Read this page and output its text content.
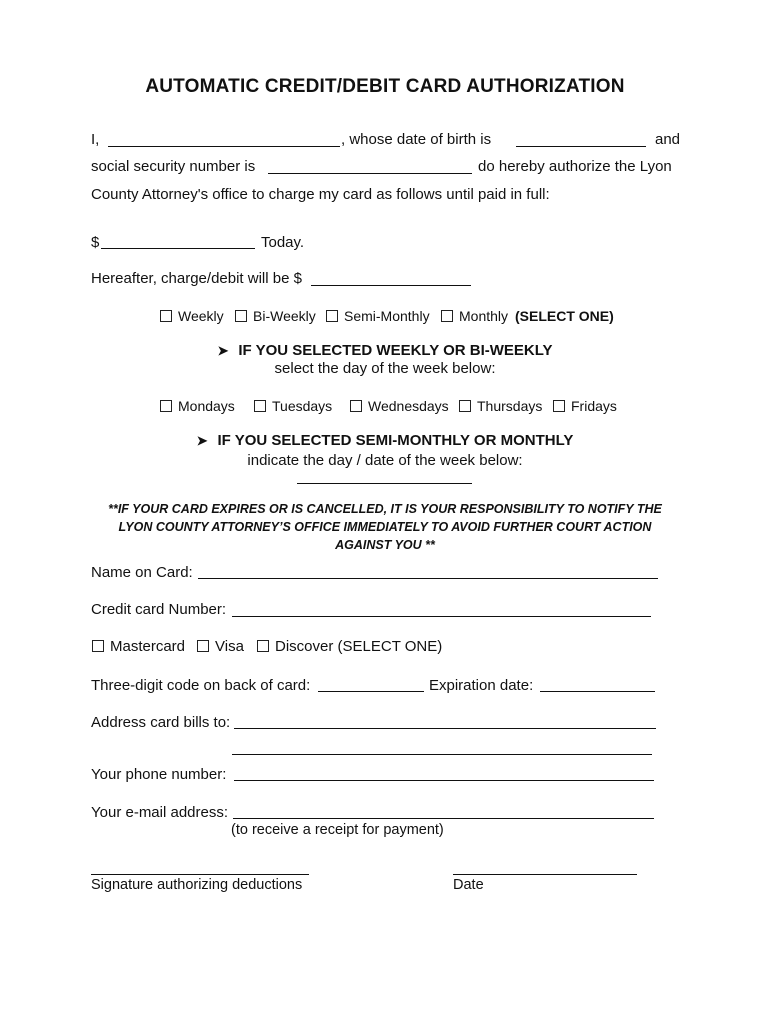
AUTOMATIC CREDIT/DEBIT CARD AUTHORIZATION
I,	, whose date of birth is	and
social security number is	do hereby authorize the Lyon
County Attorney's office to charge my card as follows until paid in full:
$	Today.
Hereafter, charge/debit will be $
Weekly	Bi-Weekly	Semi-Monthly	Monthly (SELECT ONE)
➤ IF YOU SELECTED WEEKLY OR BI-WEEKLY
select the day of the week below:
Mondays	Tuesdays	Wednesdays	Thursdays	Fridays
➤ IF YOU SELECTED SEMI-MONTHLY OR MONTHLY
indicate the day / date of the week below:
**IF YOUR CARD EXPIRES OR IS CANCELLED, IT IS YOUR RESPONSIBILITY TO NOTIFY THE
LYON COUNTY ATTORNEY’S OFFICE IMMEDIATELY TO AVOID FURTHER COURT ACTION
AGAINST YOU **
Name on Card:
Credit card Number:
Mastercard	Visa	Discover (SELECT ONE)
Three-digit code on back of card:	Expiration date:
Address card bills to:
Your phone number:
Your e-mail address:
(to receive a receipt for payment)
Signature authorizing deductions	Date
